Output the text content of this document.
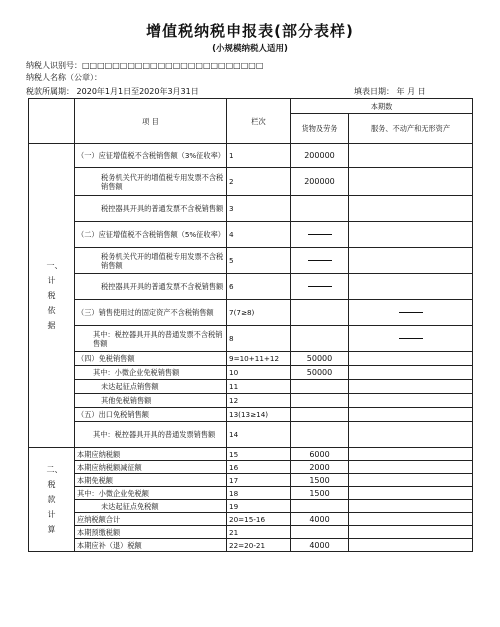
增值税纳税申报表(部分表样)
(小规模纳税人适用)
纳税人识别号：□□□□□□□□□□□□□□□□□□□□□□□□
纳税人名称（公章）：
税款所属期： 2020年1月1日至2020年3月31日	填表日期： 年 月 日
	项 目	栏次	本期数	
			货物及劳务	服务、不动产和无形资产
一、计税依据	（一）应征增值税不含税销售额（3%征收率）	1	200000	
	税务机关代开的增值税专用发票不含税销售额	2	200000	
	税控器具开具的普通发票不含税销售额	3		
	（二）应征增值税不含税销售额（5%征收率）	4		
	税务机关代开的增值税专用发票不含税销售额	5		
	税控器具开具的普通发票不含税销售额	6		
	（三）销售使用过的固定资产不含税销售额	7(7≥8)		
	其中：税控器具开具的普通发票不含税销售额	8		
	（四）免税销售额	9=10+11+12	50000	
	其中：小微企业免税销售额	10	50000	
	未达起征点销售额	11		
	其他免税销售额	12		
	（五）出口免税销售额	13(13≥14)		
	其中：税控器具开具的普通发票销售额	14		
二、税款计算	本期应纳税额	15	6000	
	本期应纳税额减征额	16	2000	
	本期免税额	17	1500	
	其中：小微企业免税额	18	1500	
	未达起征点免税额	19		
	应纳税额合计	20=15-16	4000	
	本期预缴税额	21		
	本期应补（退）税额	22=20-21	4000	
